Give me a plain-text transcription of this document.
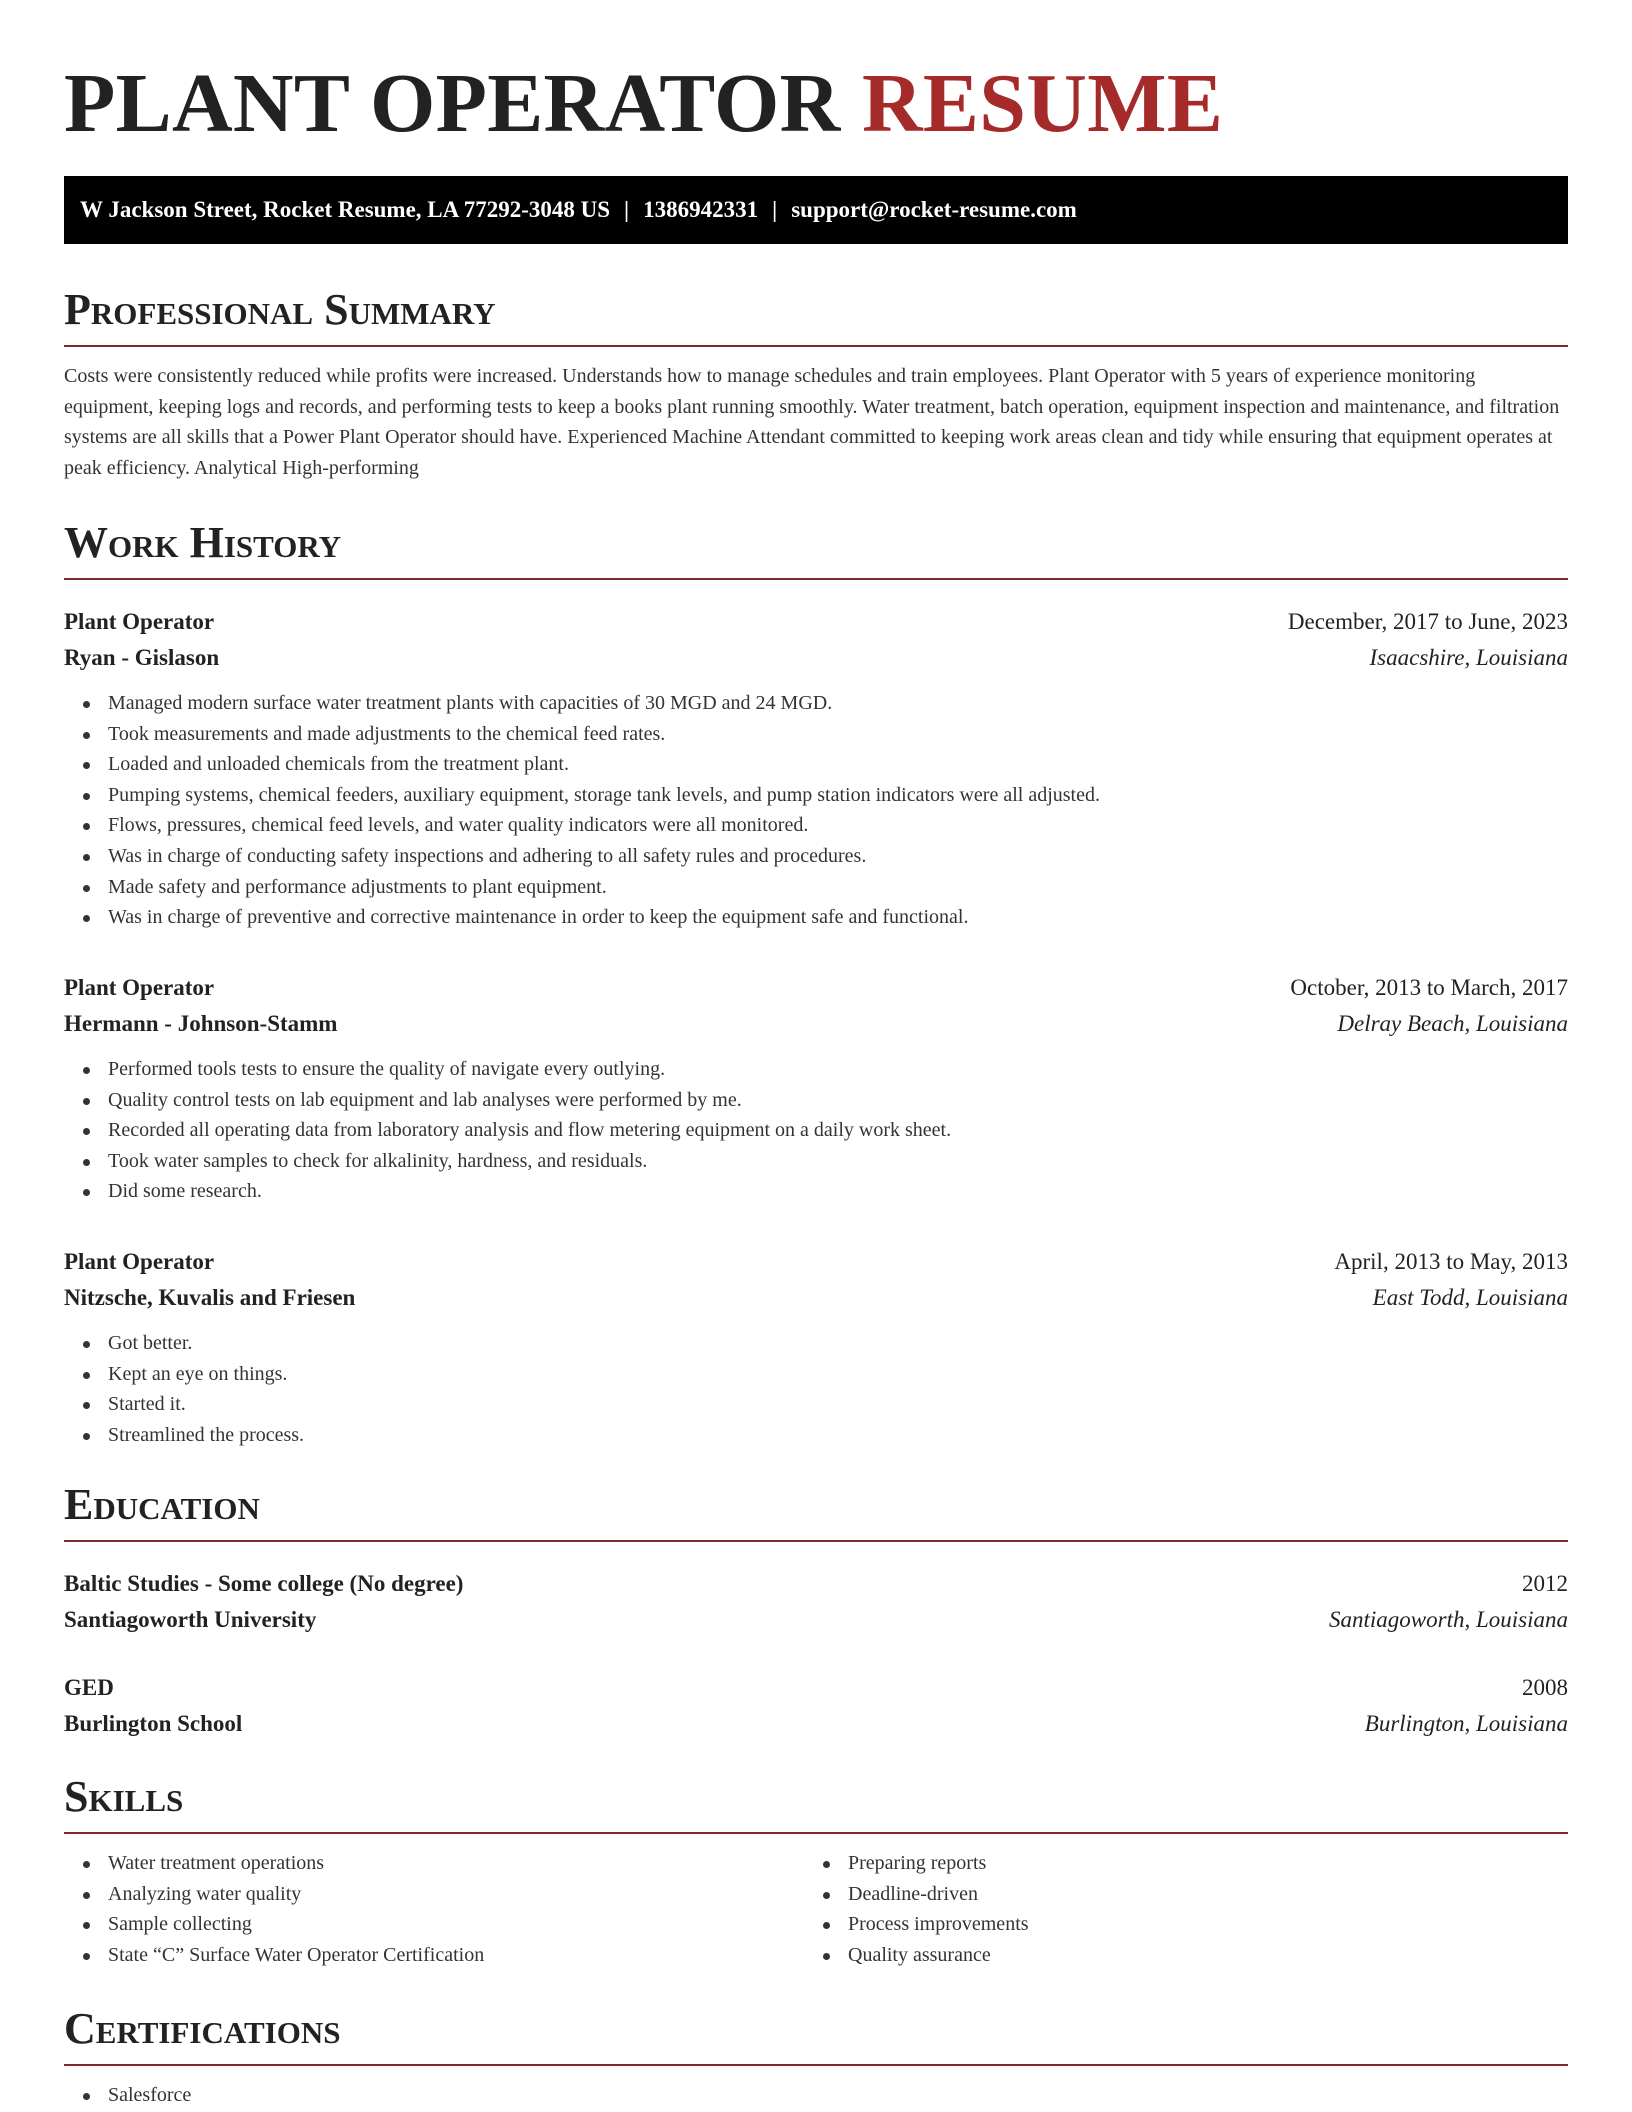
PLANT OPERATOR RESUME
W Jackson Street, Rocket Resume, LA 77292-3048 US | 1386942331 | support@rocket-resume.com
Professional Summary

Costs were consistently reduced while profits were increased. Understands how to manage schedules and train employees. Plant Operator with 5 years of experience monitoring equipment, keeping logs and records, and performing tests to keep a books plant running smoothly. Water treatment, batch operation, equipment inspection and maintenance, and filtration systems are all skills that a Power Plant Operator should have. Experienced Machine Attendant committed to keeping work areas clean and tidy while ensuring that equipment operates at peak efficiency. Analytical High-performing

Work History
Plant Operator	December, 2017 to June, 2023
Ryan - Gislason	Isaacshire, Louisiana
Managed modern surface water treatment plants with capacities of 30 MGD and 24 MGD.
Took measurements and made adjustments to the chemical feed rates.
Loaded and unloaded chemicals from the treatment plant.
Pumping systems, chemical feeders, auxiliary equipment, storage tank levels, and pump station indicators were all adjusted.
Flows, pressures, chemical feed levels, and water quality indicators were all monitored.
Was in charge of conducting safety inspections and adhering to all safety rules and procedures.
Made safety and performance adjustments to plant equipment.
Was in charge of preventive and corrective maintenance in order to keep the equipment safe and functional.
Plant Operator	October, 2013 to March, 2017
Hermann - Johnson-Stamm	Delray Beach, Louisiana
Performed tools tests to ensure the quality of navigate every outlying.
Quality control tests on lab equipment and lab analyses were performed by me.
Recorded all operating data from laboratory analysis and flow metering equipment on a daily work sheet.
Took water samples to check for alkalinity, hardness, and residuals.
Did some research.
Plant Operator	April, 2013 to May, 2013
Nitzsche, Kuvalis and Friesen	East Todd, Louisiana
Got better.
Kept an eye on things.
Started it.
Streamlined the process.
Education
Baltic Studies - Some college (No degree)	2012
Santiagoworth University	Santiagoworth, Louisiana
GED	2008
Burlington School	Burlington, Louisiana
Skills
Water treatment operations
Analyzing water quality
Sample collecting
State “C” Surface Water Operator Certification
Preparing reports
Deadline-driven
Process improvements
Quality assurance
Certifications
Salesforce
